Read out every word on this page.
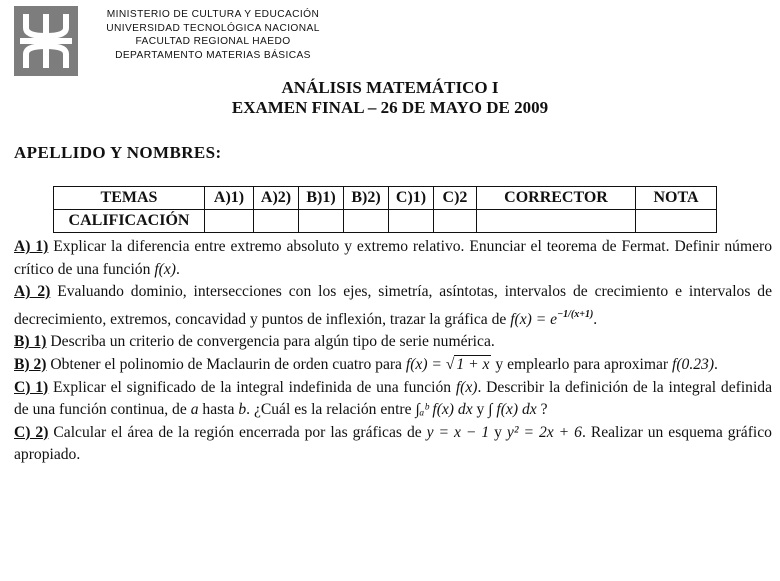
MINISTERIO DE CULTURA Y EDUCACIÓN
UNIVERSIDAD TECNOLÓGICA NACIONAL
FACULTAD REGIONAL HAEDO
DEPARTAMENTO MATERIAS BÁSICAS
ANÁLISIS MATEMÁTICO I
EXAMEN FINAL – 26 DE MAYO DE 2009
APELLIDO Y NOMBRES:
TEMAS	A)1)	A)2)	B)1)	B)2)	C)1)	C)2	CORRECTOR	NOTA
CALIFICACIÓN								

A) 1) Explicar la diferencia entre extremo absoluto y extremo relativo. Enunciar el teorema de Fermat. Definir número crítico de una función f(x).

A) 2) Evaluando dominio, intersecciones con los ejes, simetría, asíntotas, intervalos de crecimiento e intervalos de decrecimiento, extremos, concavidad y puntos de inflexión, trazar la gráfica de $f(x) = e^{-1/(x+1)}$.

B) 1) Describa un criterio de convergencia para algún tipo de serie numérica.

B) 2) Obtener el polinomio de Maclaurin de orden cuatro para f(x) = √ 1 + x y emplearlo para aproximar f(0.23).

C) 1) Explicar el significado de la integral indefinida de una función f(x). Describir la definición de la integral definida de una función continua, de a hasta b. ¿Cuál es la relación entre ∫ₐᵇ f(x) dx y ∫ f(x) dx ?

C) 2) Calcular el área de la región encerrada por las gráficas de y = x − 1 y y² = 2x + 6. Realizar un esquema gráfico apropiado.
